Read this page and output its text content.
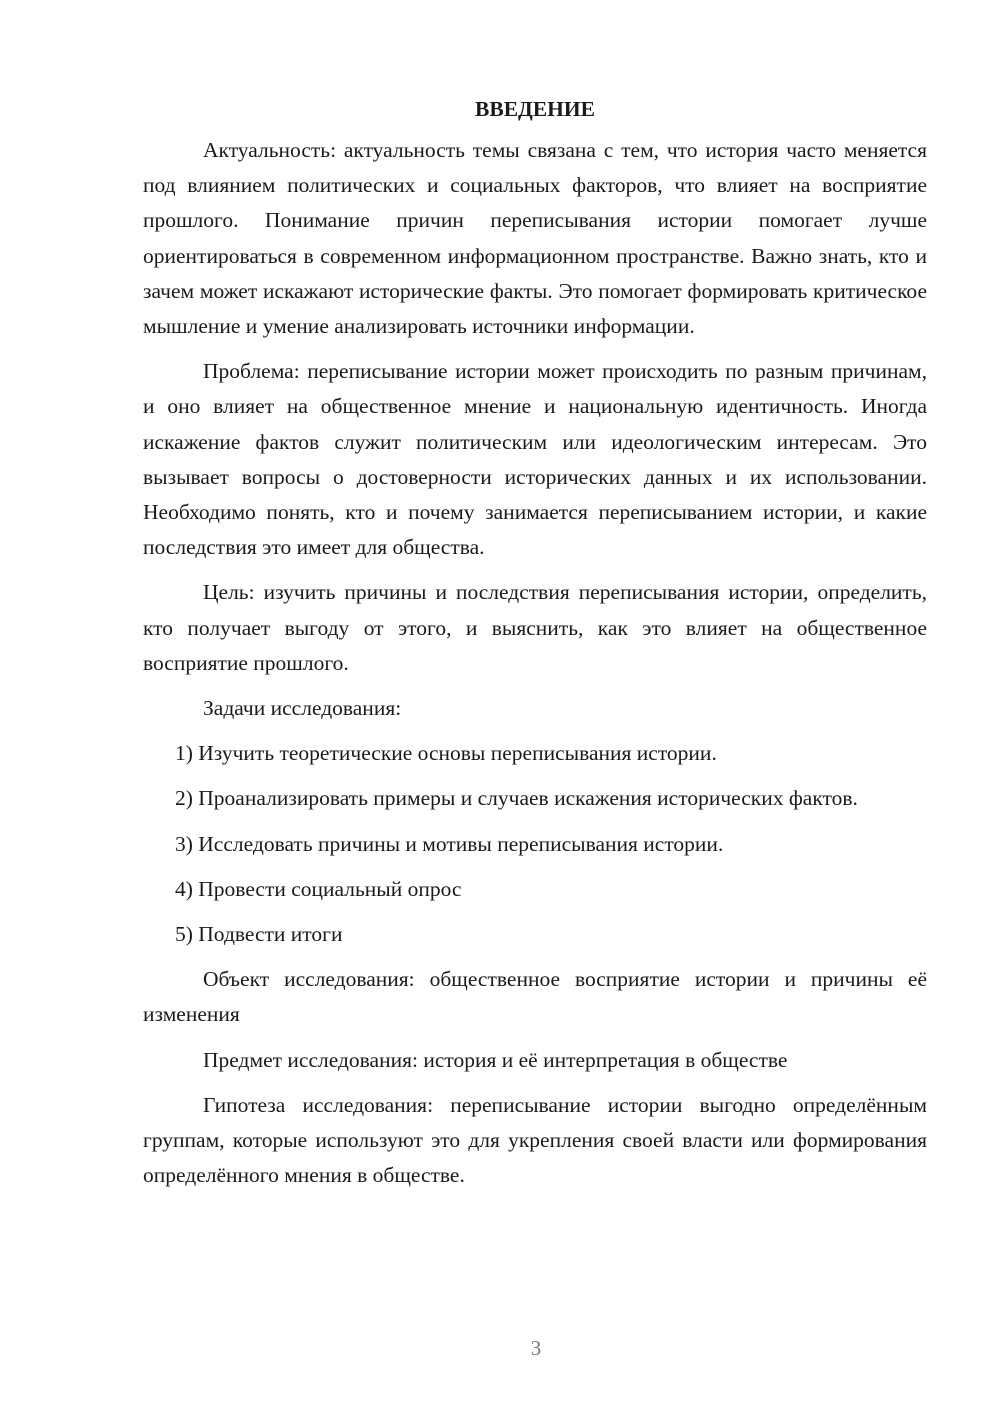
ВВЕДЕНИЕ

Актуальность: актуальность темы связана с тем, что история часто меняется под влиянием политических и социальных факторов, что влияет на восприятие прошлого. Понимание причин переписывания истории помогает лучше ориентироваться в современном информационном пространстве. Важно знать, кто и зачем может искажают исторические факты. Это помогает формировать критическое мышление и умение анализировать источники информации.

Проблема: переписывание истории может происходить по разным причинам, и оно влияет на общественное мнение и национальную идентичность. Иногда искажение фактов служит политическим или идеологическим интересам. Это вызывает вопросы о достоверности исторических данных и их использовании. Необходимо понять, кто и почему занимается переписыванием истории, и какие последствия это имеет для общества.

Цель: изучить причины и последствия переписывания истории, определить, кто получает выгоду от этого, и выяснить, как это влияет на общественное восприятие прошлого.

Задачи исследования:

1) Изучить теоретические основы переписывания истории.

2) Проанализировать примеры и случаев искажения исторических фактов.

3) Исследовать причины и мотивы переписывания истории.

4) Провести социальный опрос

5) Подвести итоги

Объект исследования: общественное восприятие истории и причины её изменения

Предмет исследования: история и её интерпретация в обществе

Гипотеза исследования: переписывание истории выгодно определённым группам, которые используют это для укрепления своей власти или формирования определённого мнения в обществе.

3
